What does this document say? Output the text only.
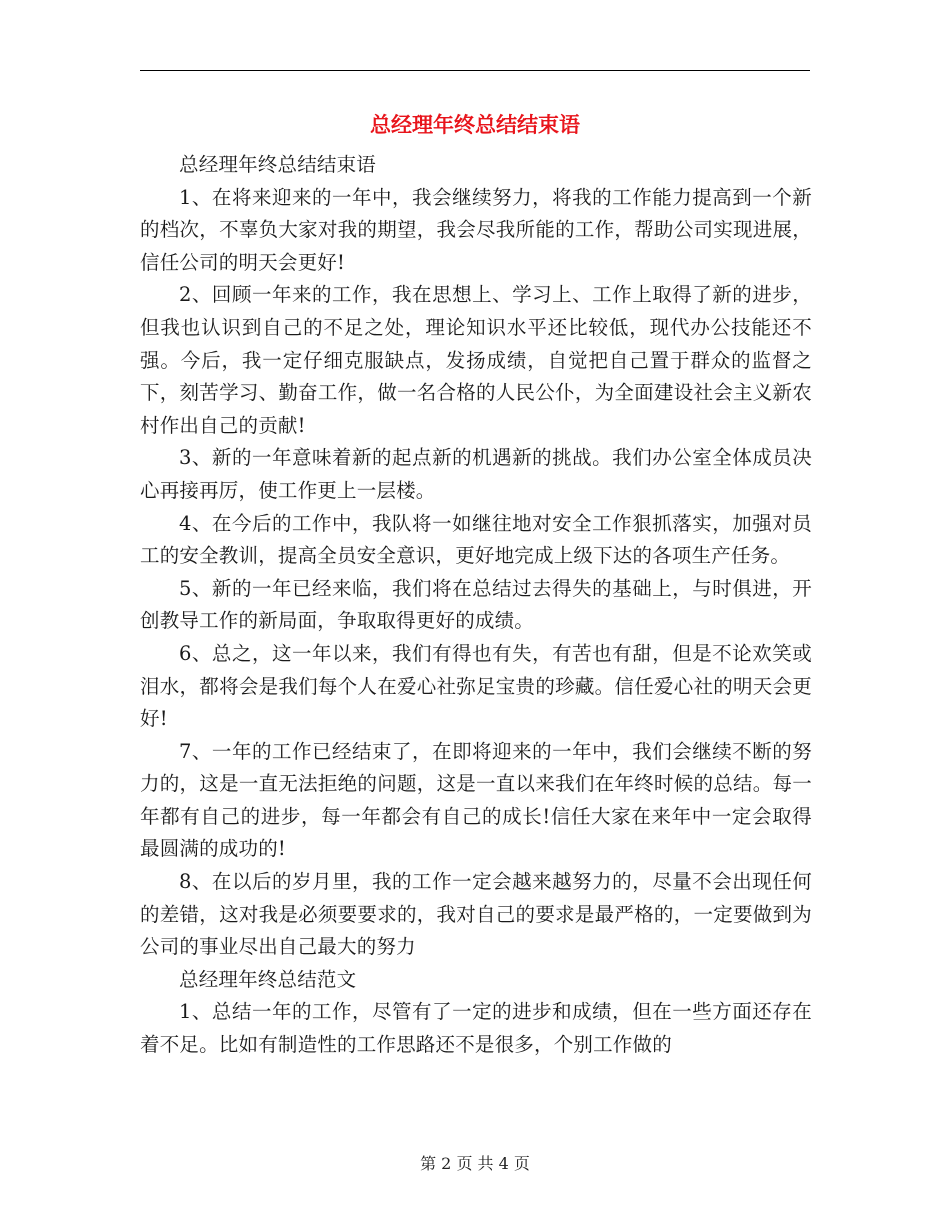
总经理年终总结结束语

总经理年终总结结束语

1、在将来迎来的一年中，我会继续努力，将我的工作能力提高到一个新的档次，不辜负大家对我的期望，我会尽我所能的工作，帮助公司实现进展，信任公司的明天会更好!

2、回顾一年来的工作，我在思想上、学习上、工作上取得了新的进步，但我也认识到自己的不足之处，理论知识水平还比较低，现代办公技能还不强。今后，我一定仔细克服缺点，发扬成绩，自觉把自己置于群众的监督之下，刻苦学习、勤奋工作，做一名合格的人民公仆，为全面建设社会主义新农村作出自己的贡献!

3、新的一年意味着新的起点新的机遇新的挑战。我们办公室全体成员决心再接再厉，使工作更上一层楼。

4、在今后的工作中，我队将一如继往地对安全工作狠抓落实，加强对员工的安全教训，提高全员安全意识，更好地完成上级下达的各项生产任务。

5、新的一年已经来临，我们将在总结过去得失的基础上，与时俱进，开创教导工作的新局面，争取取得更好的成绩。

6、总之，这一年以来，我们有得也有失，有苦也有甜，但是不论欢笑或泪水，都将会是我们每个人在爱心社弥足宝贵的珍藏。信任爱心社的明天会更好!

7、一年的工作已经结束了，在即将迎来的一年中，我们会继续不断的努力的，这是一直无法拒绝的问题，这是一直以来我们在年终时候的总结。每一年都有自己的进步，每一年都会有自己的成长!信任大家在来年中一定会取得最圆满的成功的!

8、在以后的岁月里，我的工作一定会越来越努力的，尽量不会出现任何的差错，这对我是必须要要求的，我对自己的要求是最严格的，一定要做到为公司的事业尽出自己最大的努力

总经理年终总结范文

1、总结一年的工作，尽管有了一定的进步和成绩，但在一些方面还存在着不足。比如有制造性的工作思路还不是很多，个别工作做的

第 2 页 共 4 页
